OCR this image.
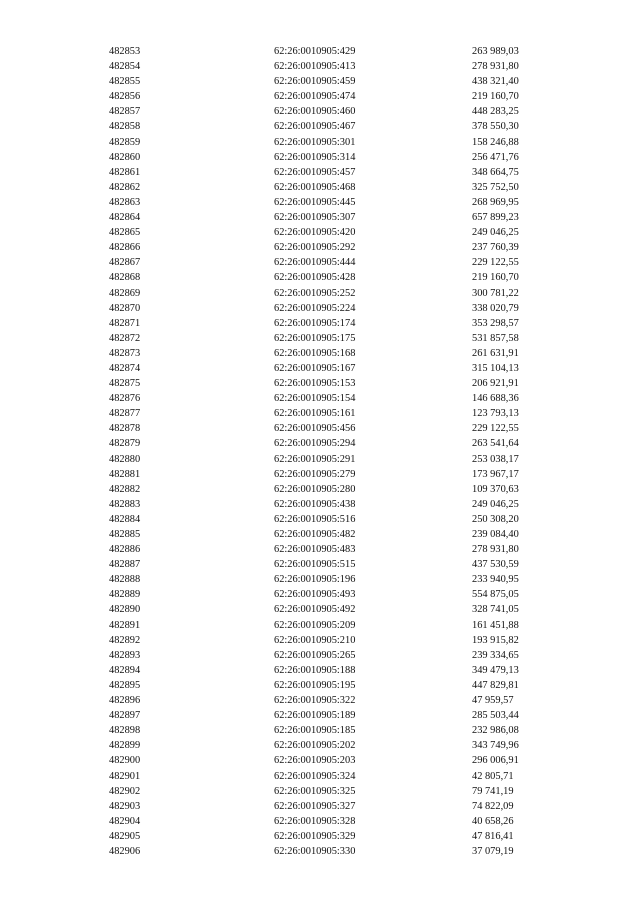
482853	62:26:0010905:429	263 989,03
482854	62:26:0010905:413	278 931,80
482855	62:26:0010905:459	438 321,40
482856	62:26:0010905:474	219 160,70
482857	62:26:0010905:460	448 283,25
482858	62:26:0010905:467	378 550,30
482859	62:26:0010905:301	158 246,88
482860	62:26:0010905:314	256 471,76
482861	62:26:0010905:457	348 664,75
482862	62:26:0010905:468	325 752,50
482863	62:26:0010905:445	268 969,95
482864	62:26:0010905:307	657 899,23
482865	62:26:0010905:420	249 046,25
482866	62:26:0010905:292	237 760,39
482867	62:26:0010905:444	229 122,55
482868	62:26:0010905:428	219 160,70
482869	62:26:0010905:252	300 781,22
482870	62:26:0010905:224	338 020,79
482871	62:26:0010905:174	353 298,57
482872	62:26:0010905:175	531 857,58
482873	62:26:0010905:168	261 631,91
482874	62:26:0010905:167	315 104,13
482875	62:26:0010905:153	206 921,91
482876	62:26:0010905:154	146 688,36
482877	62:26:0010905:161	123 793,13
482878	62:26:0010905:456	229 122,55
482879	62:26:0010905:294	263 541,64
482880	62:26:0010905:291	253 038,17
482881	62:26:0010905:279	173 967,17
482882	62:26:0010905:280	109 370,63
482883	62:26:0010905:438	249 046,25
482884	62:26:0010905:516	250 308,20
482885	62:26:0010905:482	239 084,40
482886	62:26:0010905:483	278 931,80
482887	62:26:0010905:515	437 530,59
482888	62:26:0010905:196	233 940,95
482889	62:26:0010905:493	554 875,05
482890	62:26:0010905:492	328 741,05
482891	62:26:0010905:209	161 451,88
482892	62:26:0010905:210	193 915,82
482893	62:26:0010905:265	239 334,65
482894	62:26:0010905:188	349 479,13
482895	62:26:0010905:195	447 829,81
482896	62:26:0010905:322	47 959,57
482897	62:26:0010905:189	285 503,44
482898	62:26:0010905:185	232 986,08
482899	62:26:0010905:202	343 749,96
482900	62:26:0010905:203	296 006,91
482901	62:26:0010905:324	42 805,71
482902	62:26:0010905:325	79 741,19
482903	62:26:0010905:327	74 822,09
482904	62:26:0010905:328	40 658,26
482905	62:26:0010905:329	47 816,41
482906	62:26:0010905:330	37 079,19
